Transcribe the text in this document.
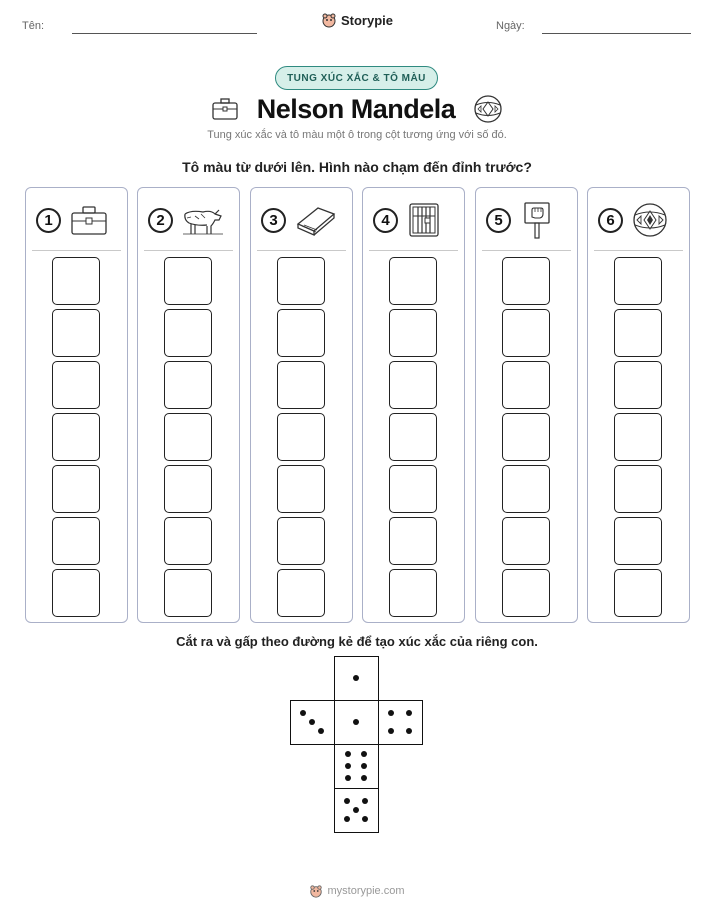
Tên:	Storypie	Ngày:
TUNG XÚC XẮC & TÔ MÀU
Nelson Mandela
Tung xúc xắc và tô màu một ô trong cột tương ứng với số đó.
Tô màu từ dưới lên. Hình nào chạm đến đỉnh trước?
1	2	3	4	5	6
Cắt ra và gấp theo đường kẻ để tạo xúc xắc của riêng con.
mystorypie.com
